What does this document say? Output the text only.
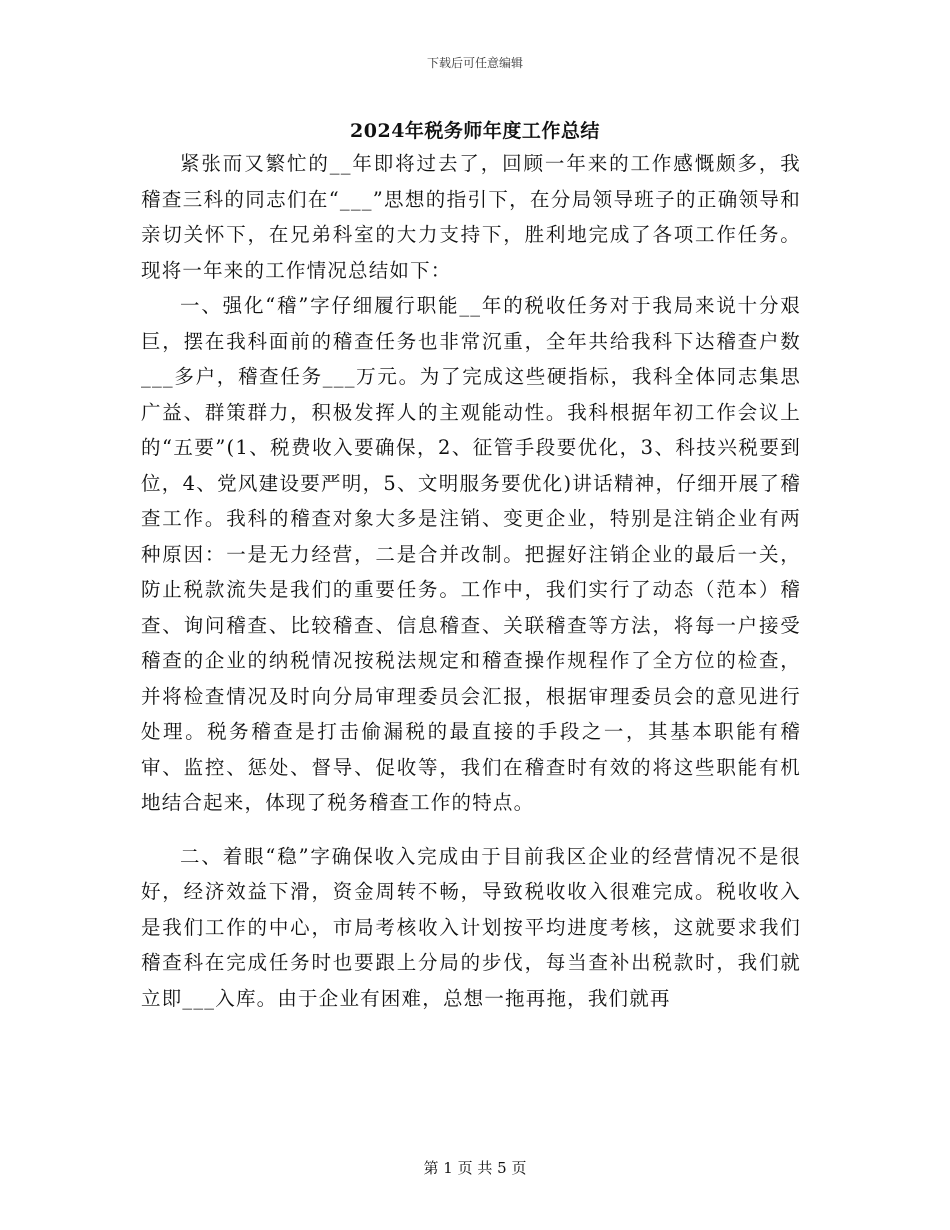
下载后可任意编辑
2024年税务师年度工作总结

紧张而又繁忙的__年即将过去了，回顾一年来的工作感慨颇多，我稽查三科的同志们在“___”思想的指引下，在分局领导班子的正确领导和亲切关怀下，在兄弟科室的大力支持下，胜利地完成了各项工作任务。现将一年来的工作情况总结如下：

一、强化“稽”字仔细履行职能__年的税收任务对于我局来说十分艰巨，摆在我科面前的稽查任务也非常沉重，全年共给我科下达稽查户数___多户，稽查任务___万元。为了完成这些硬指标，我科全体同志集思广益、群策群力，积极发挥人的主观能动性。我科根据年初工作会议上的“五要”(1、税费收入要确保，2、征管手段要优化，3、科技兴税要到位，4、党风建设要严明，5、文明服务要优化)讲话精神，仔细开展了稽查工作。我科的稽查对象大多是注销、变更企业，特别是注销企业有两种原因：一是无力经营，二是合并改制。把握好注销企业的最后一关，防止税款流失是我们的重要任务。工作中，我们实行了动态（范本）稽查、询问稽查、比较稽查、信息稽查、关联稽查等方法，将每一户接受稽查的企业的纳税情况按税法规定和稽查操作规程作了全方位的检查，并将检查情况及时向分局审理委员会汇报，根据审理委员会的意见进行处理。税务稽查是打击偷漏税的最直接的手段之一，其基本职能有稽审、监控、惩处、督导、促收等，我们在稽查时有效的将这些职能有机地结合起来，体现了税务稽查工作的特点。

二、着眼“稳”字确保收入完成由于目前我区企业的经营情况不是很好，经济效益下滑，资金周转不畅，导致税收收入很难完成。税收收入是我们工作的中心，市局考核收入计划按平均进度考核，这就要求我们稽查科在完成任务时也要跟上分局的步伐，每当查补出税款时，我们就立即___入库。由于企业有困难，总想一拖再拖，我们就再

第 1 页 共 5 页
